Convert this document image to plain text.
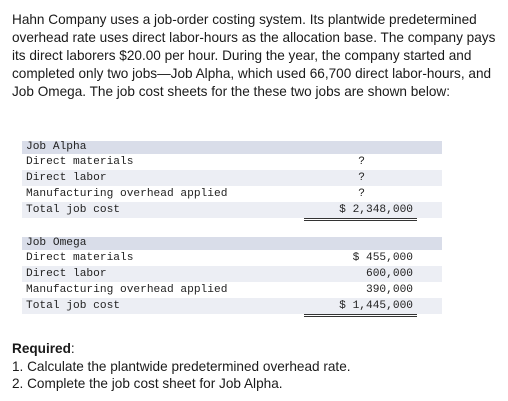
Hahn Company uses a job-order costing system. Its plantwide predetermined overhead rate uses direct labor-hours as the allocation base. The company pays its direct laborers $20.00 per hour. During the year, the company started and completed only two jobs—Job Alpha, which used 66,700 direct labor-hours, and Job Omega. The job cost sheets for the these two jobs are shown below:

Job Alpha
Direct materials	?
Direct labor	?
Manufacturing overhead applied	?
Total job cost	$ 2,348,000
Job Omega
Direct materials	$ 455,000
Direct labor	600,000
Manufacturing overhead applied	390,000
Total job cost	$ 1,445,000
Required:
1. Calculate the plantwide predetermined overhead rate.
2. Complete the job cost sheet for Job Alpha.
